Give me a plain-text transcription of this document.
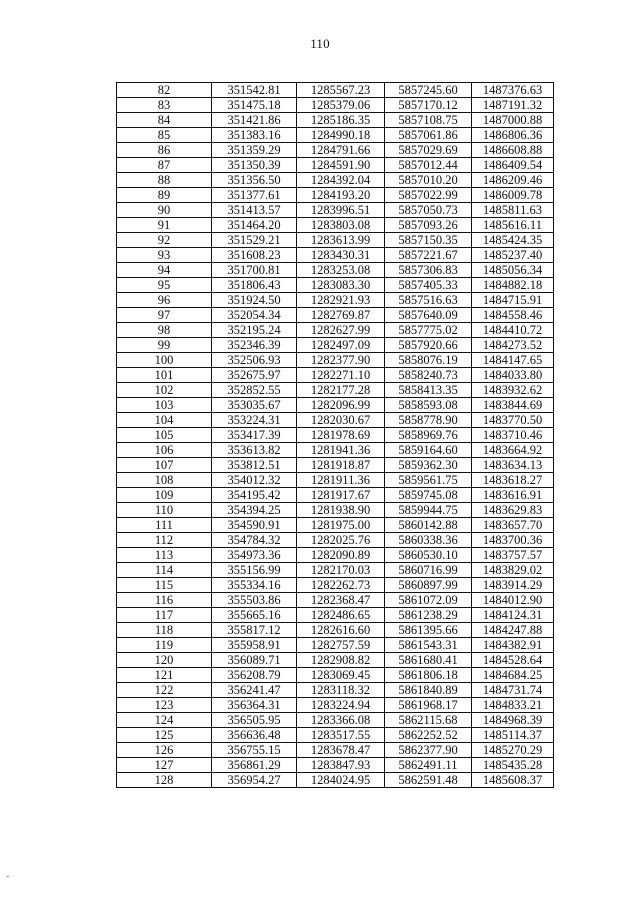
110
82	351542.81	1285567.23	5857245.60	1487376.63
83	351475.18	1285379.06	5857170.12	1487191.32
84	351421.86	1285186.35	5857108.75	1487000.88
85	351383.16	1284990.18	5857061.86	1486806.36
86	351359.29	1284791.66	5857029.69	1486608.88
87	351350.39	1284591.90	5857012.44	1486409.54
88	351356.50	1284392.04	5857010.20	1486209.46
89	351377.61	1284193.20	5857022.99	1486009.78
90	351413.57	1283996.51	5857050.73	1485811.63
91	351464.20	1283803.08	5857093.26	1485616.11
92	351529.21	1283613.99	5857150.35	1485424.35
93	351608.23	1283430.31	5857221.67	1485237.40
94	351700.81	1283253.08	5857306.83	1485056.34
95	351806.43	1283083.30	5857405.33	1484882.18
96	351924.50	1282921.93	5857516.63	1484715.91
97	352054.34	1282769.87	5857640.09	1484558.46
98	352195.24	1282627.99	5857775.02	1484410.72
99	352346.39	1282497.09	5857920.66	1484273.52
100	352506.93	1282377.90	5858076.19	1484147.65
101	352675.97	1282271.10	5858240.73	1484033.80
102	352852.55	1282177.28	5858413.35	1483932.62
103	353035.67	1282096.99	5858593.08	1483844.69
104	353224.31	1282030.67	5858778.90	1483770.50
105	353417.39	1281978.69	5858969.76	1483710.46
106	353613.82	1281941.36	5859164.60	1483664.92
107	353812.51	1281918.87	5859362.30	1483634.13
108	354012.32	1281911.36	5859561.75	1483618.27
109	354195.42	1281917.67	5859745.08	1483616.91
110	354394.25	1281938.90	5859944.75	1483629.83
111	354590.91	1281975.00	5860142.88	1483657.70
112	354784.32	1282025.76	5860338.36	1483700.36
113	354973.36	1282090.89	5860530.10	1483757.57
114	355156.99	1282170.03	5860716.99	1483829.02
115	355334.16	1282262.73	5860897.99	1483914.29
116	355503.86	1282368.47	5861072.09	1484012.90
117	355665.16	1282486.65	5861238.29	1484124.31
118	355817.12	1282616.60	5861395.66	1484247.88
119	355958.91	1282757.59	5861543.31	1484382.91
120	356089.71	1282908.82	5861680.41	1484528.64
121	356208.79	1283069.45	5861806.18	1484684.25
122	356241.47	1283118.32	5861840.89	1484731.74
123	356364.31	1283224.94	5861968.17	1484833.21
124	356505.95	1283366.08	5862115.68	1484968.39
125	356636.48	1283517.55	5862252.52	1485114.37
126	356755.15	1283678.47	5862377.90	1485270.29
127	356861.29	1283847.93	5862491.11	1485435.28
128	356954.27	1284024.95	5862591.48	1485608.37
